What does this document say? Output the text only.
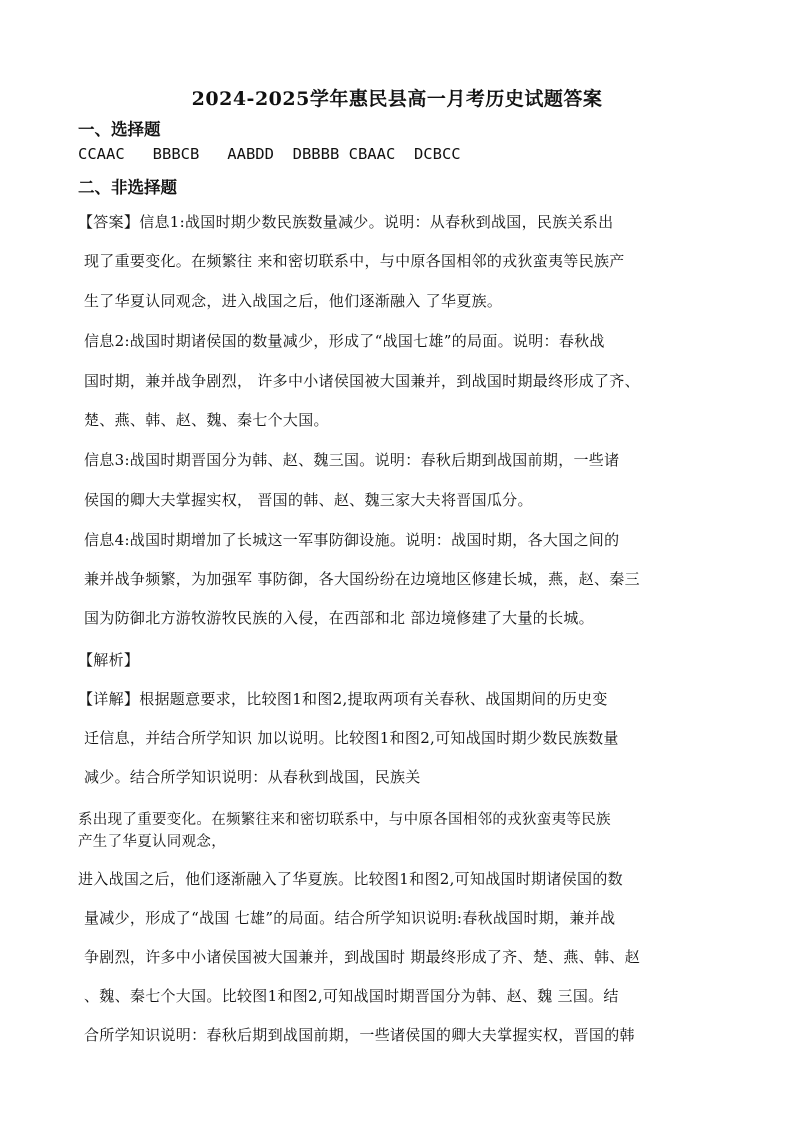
2024-2025学年惠民县高一月考历史试题答案
一、选择题
CCAAC   BBBCB   AABDD  DBBBB CBAAC  DCBCC
二、非选择题
【答案】信息1:战国时期少数民族数量减少。说明：从春秋到战国，民族关系出
现了重要变化。在频繁往 来和密切联系中，与中原各国相邻的戎狄蛮夷等民族产
生了华夏认同观念，进入战国之后，他们逐渐融入 了华夏族。
信息2:战国时期诸侯国的数量减少，形成了“战国七雄”的局面。说明：春秋战
国时期，兼并战争剧烈， 许多中小诸侯国被大国兼并，到战国时期最终形成了齐、
楚、燕、韩、赵、魏、秦七个大国。
信息3:战国时期晋国分为韩、赵、魏三国。说明：春秋后期到战国前期，一些诸
侯国的卿大夫掌握实权， 晋国的韩、赵、魏三家大夫将晋国瓜分。
信息4:战国时期增加了长城这一军事防御设施。说明：战国时期，各大国之间的
兼并战争频繁，为加强军 事防御，各大国纷纷在边境地区修建长城，燕，赵、秦三
国为防御北方游牧游牧民族的入侵，在西部和北 部边境修建了大量的长城。
【解析】
【详解】根据题意要求，比较图1和图2,提取两项有关春秋、战国期间的历史变
迁信息，并结合所学知识 加以说明。比较图1和图2,可知战国时期少数民族数量
减少。结合所学知识说明：从春秋到战国，民族关
系出现了重要变化。在频繁往来和密切联系中，与中原各国相邻的戎狄蛮夷等民族
产生了华夏认同观念，
进入战国之后，他们逐渐融入了华夏族。比较图1和图2,可知战国时期诸侯国的数
量减少，形成了“战国 七雄”的局面。结合所学知识说明:春秋战国时期，兼并战
争剧烈，许多中小诸侯国被大国兼并，到战国时 期最终形成了齐、楚、燕、韩、赵
、魏、秦七个大国。比较图1和图2,可知战国时期晋国分为韩、赵、魏 三国。结
合所学知识说明：春秋后期到战国前期，一些诸侯国的卿大夫掌握实权，晋国的韩
